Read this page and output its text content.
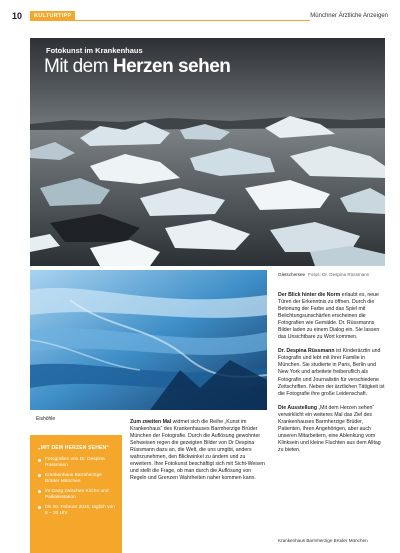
10	KULTURTIPP	Münchner Ärztliche Anzeigen
Fotokunst im Krankenhaus
Mit dem Herzen sehen
Gletschersee Fotos: Dr. Despina Rüssmann
Eishöhle
„MIT DEM HERZEN SEHEN“
Fotografien von Dr. Despina Rüssmann
Krankenhaus Barmherzige Brüder München
im Gang zwischen Kirche und Palliativstation
bis 20. Februar 2020, täglich von 8 – 20 Uhr

Zum zweiten Mal widmet sich die Reihe „Kunst im Krankenhaus“ des Krankenhauses Barmherzige Brüder München der Fotografie. Durch die Auflösung gewohnter Sehweisen regen die gezeigten Bilder von Dr Despina Rüssmann dazu an, die Welt, die uns umgibt, anders wahrzunehmen, den Blickwinkel zu ändern und zu erweitern. Ihre Fotokunst beschäftigt sich mit Sicht-Weisen und stellt die Frage, ob man durch die Auflösung von Regeln und Grenzen Wahrheiten naher kommen kann.

Der Blick hinter die Norm erlaubt es, neue Türen der Erkenntnis zu öffnen. Durch die Betonung der Farbe und das Spiel mit Belichtungsunschärfen erscheinen die Fotografien wie Gemälde. Dr. Rüssmanns Bilder laden zu einem Dialog ein. Sie lassen das Unsichtbare zu Wort kommen.

Dr. Despina Rüssmann ist Kinderärztin und Fotografin und lebt mit ihrer Familie in München. Sie studierte in Paris, Berlin und New York und arbeitete freiberuflich als Fotografin und Journalistin für verschiedene Zeitschriften. Neben der ärztlichen Tätigkeit ist die Fotografie ihre große Leidenschaft.

Die Ausstellung „Mit dem Herzen sehen“ verwirklicht ein weiteres Mal das Ziel des Krankenhauses Barmherzige Brüder, Patienten, ihren Angehörigen, aber auch unseren Mitarbeitern, eine Ablenkung vom Klinksein und kleine Fluchten aus dem Alltag zu bieten.

Krankenhaus Barmherzige Brüder München
